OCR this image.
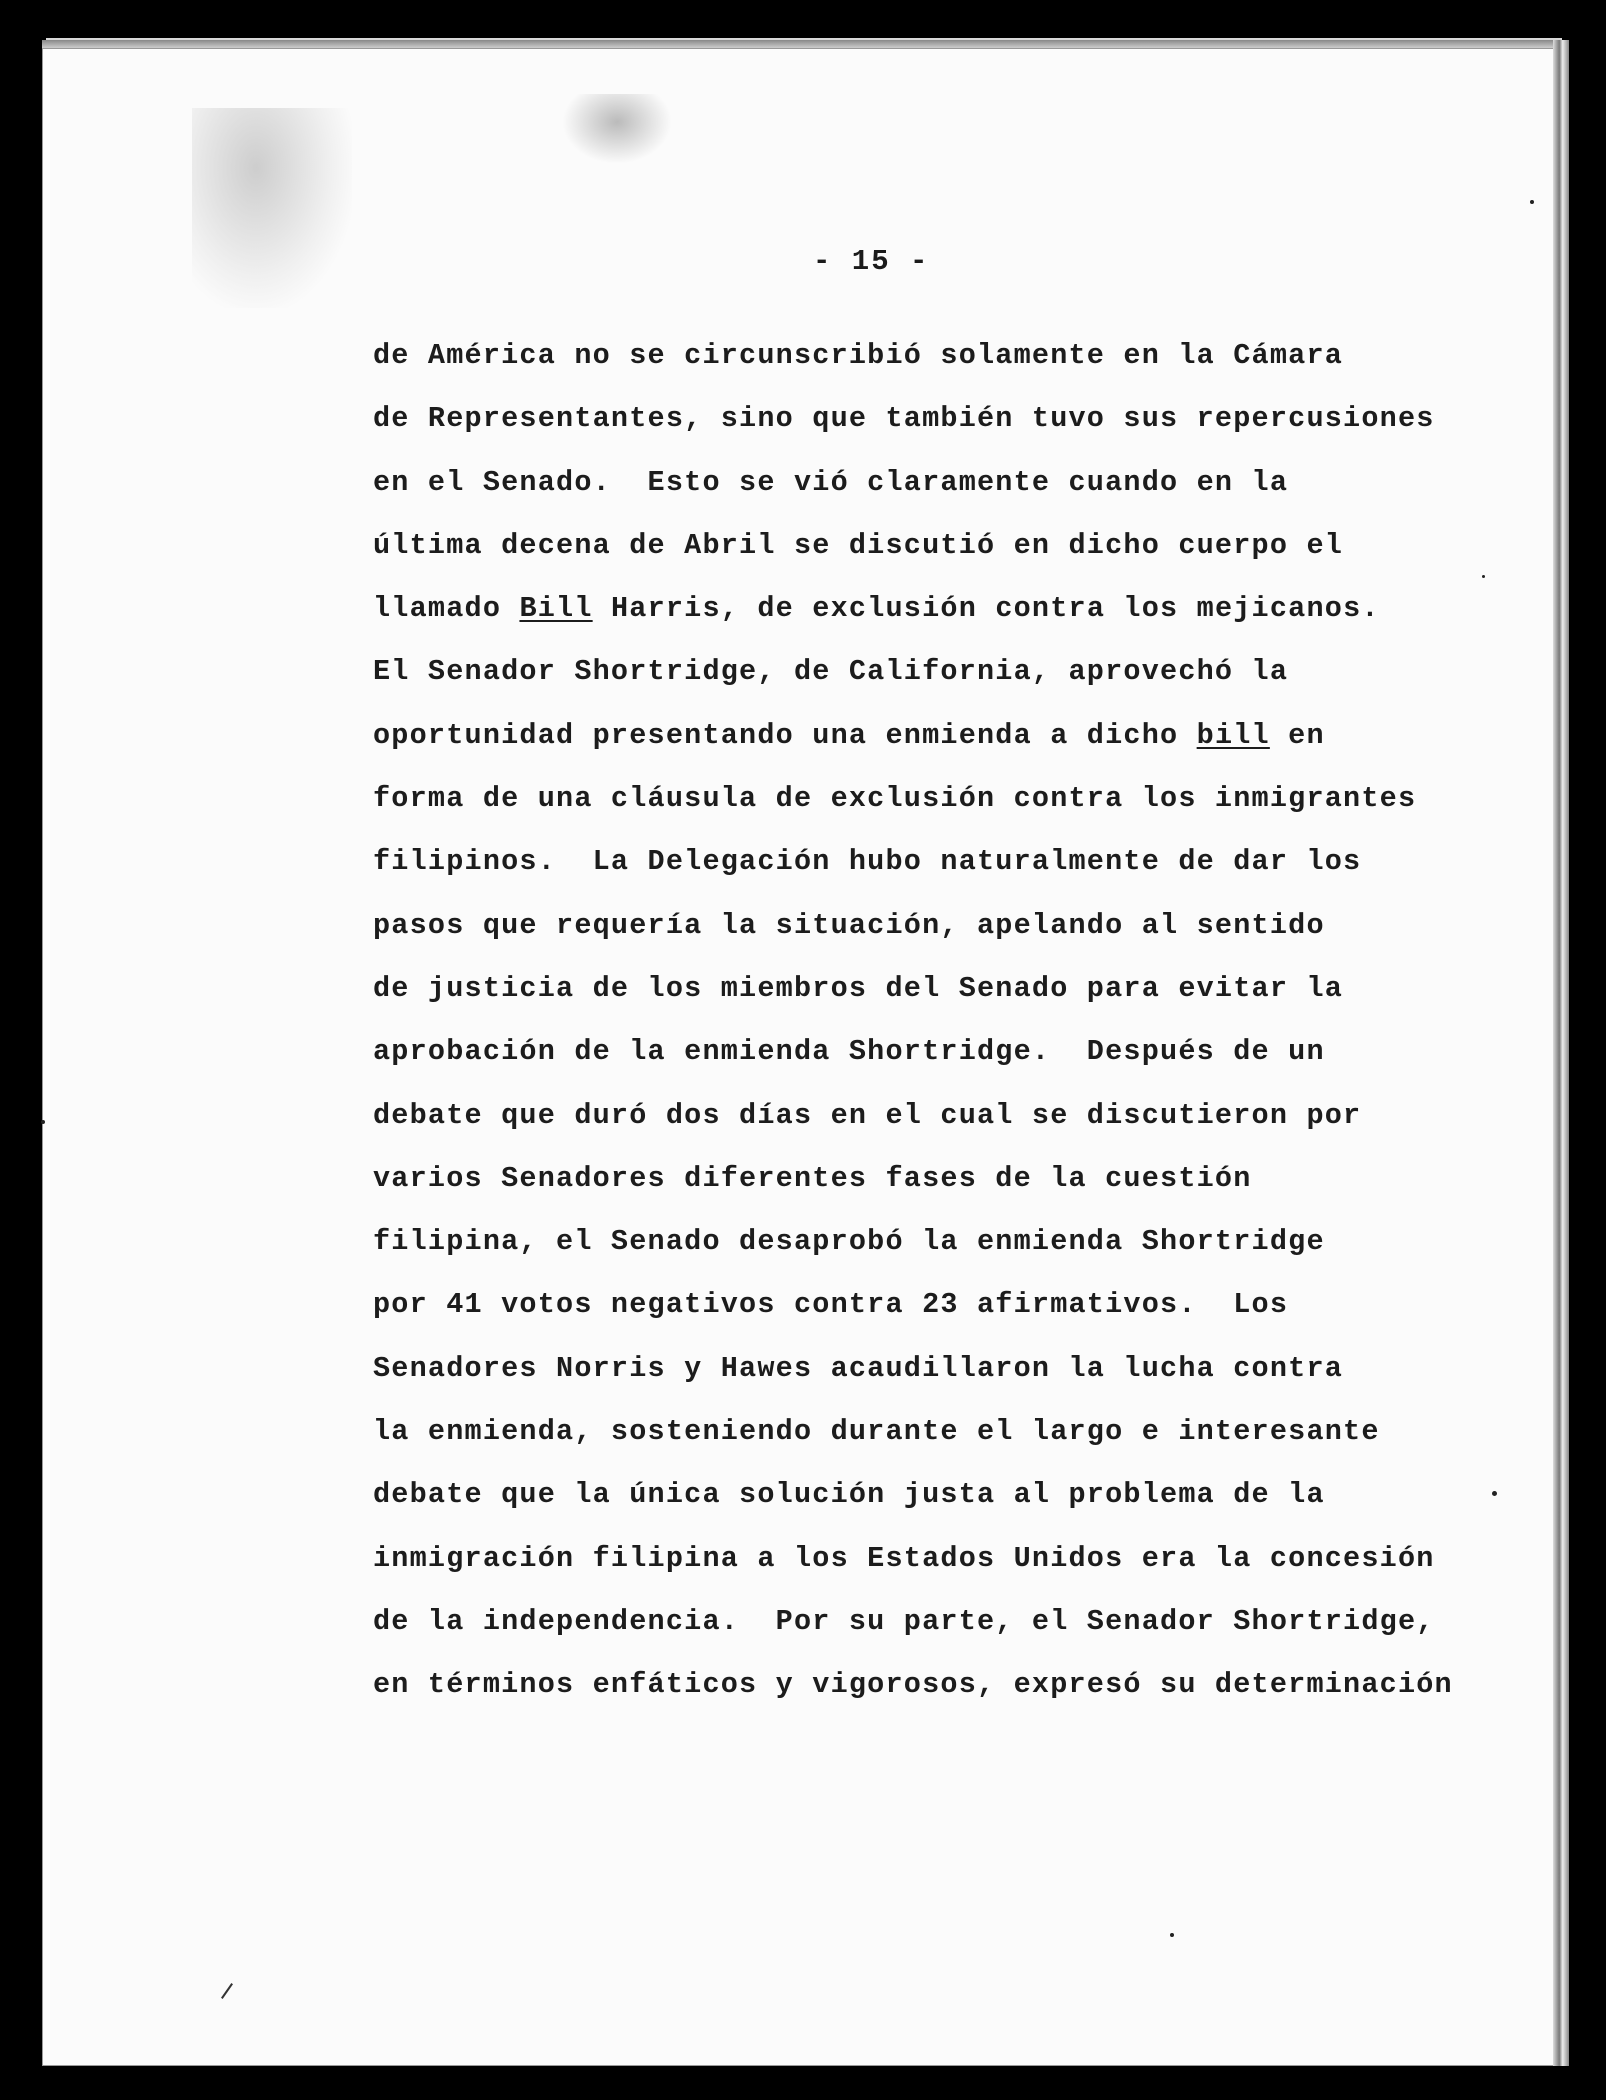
- 15 -
de América no se circunscribió solamente en la Cámara
de Representantes, sino que también tuvo sus repercusiones
en el Senado.  Esto se vió claramente cuando en la
última decena de Abril se discutió en dicho cuerpo el
llamado Bill Harris, de exclusión contra los mejicanos.
El Senador Shortridge, de California, aprovechó la
oportunidad presentando una enmienda a dicho bill en
forma de una cláusula de exclusión contra los inmigrantes
filipinos.  La Delegación hubo naturalmente de dar los
pasos que requería la situación, apelando al sentido
de justicia de los miembros del Senado para evitar la
aprobación de la enmienda Shortridge.  Después de un
debate que duró dos días en el cual se discutieron por
varios Senadores diferentes fases de la cuestión
filipina, el Senado desaprobó la enmienda Shortridge
por 41 votos negativos contra 23 afirmativos.  Los
Senadores Norris y Hawes acaudillaron la lucha contra
la enmienda, sosteniendo durante el largo e interesante
debate que la única solución justa al problema de la
inmigración filipina a los Estados Unidos era la concesión
de la independencia.  Por su parte, el Senador Shortridge,
en términos enfáticos y vigorosos, expresó su determinación
